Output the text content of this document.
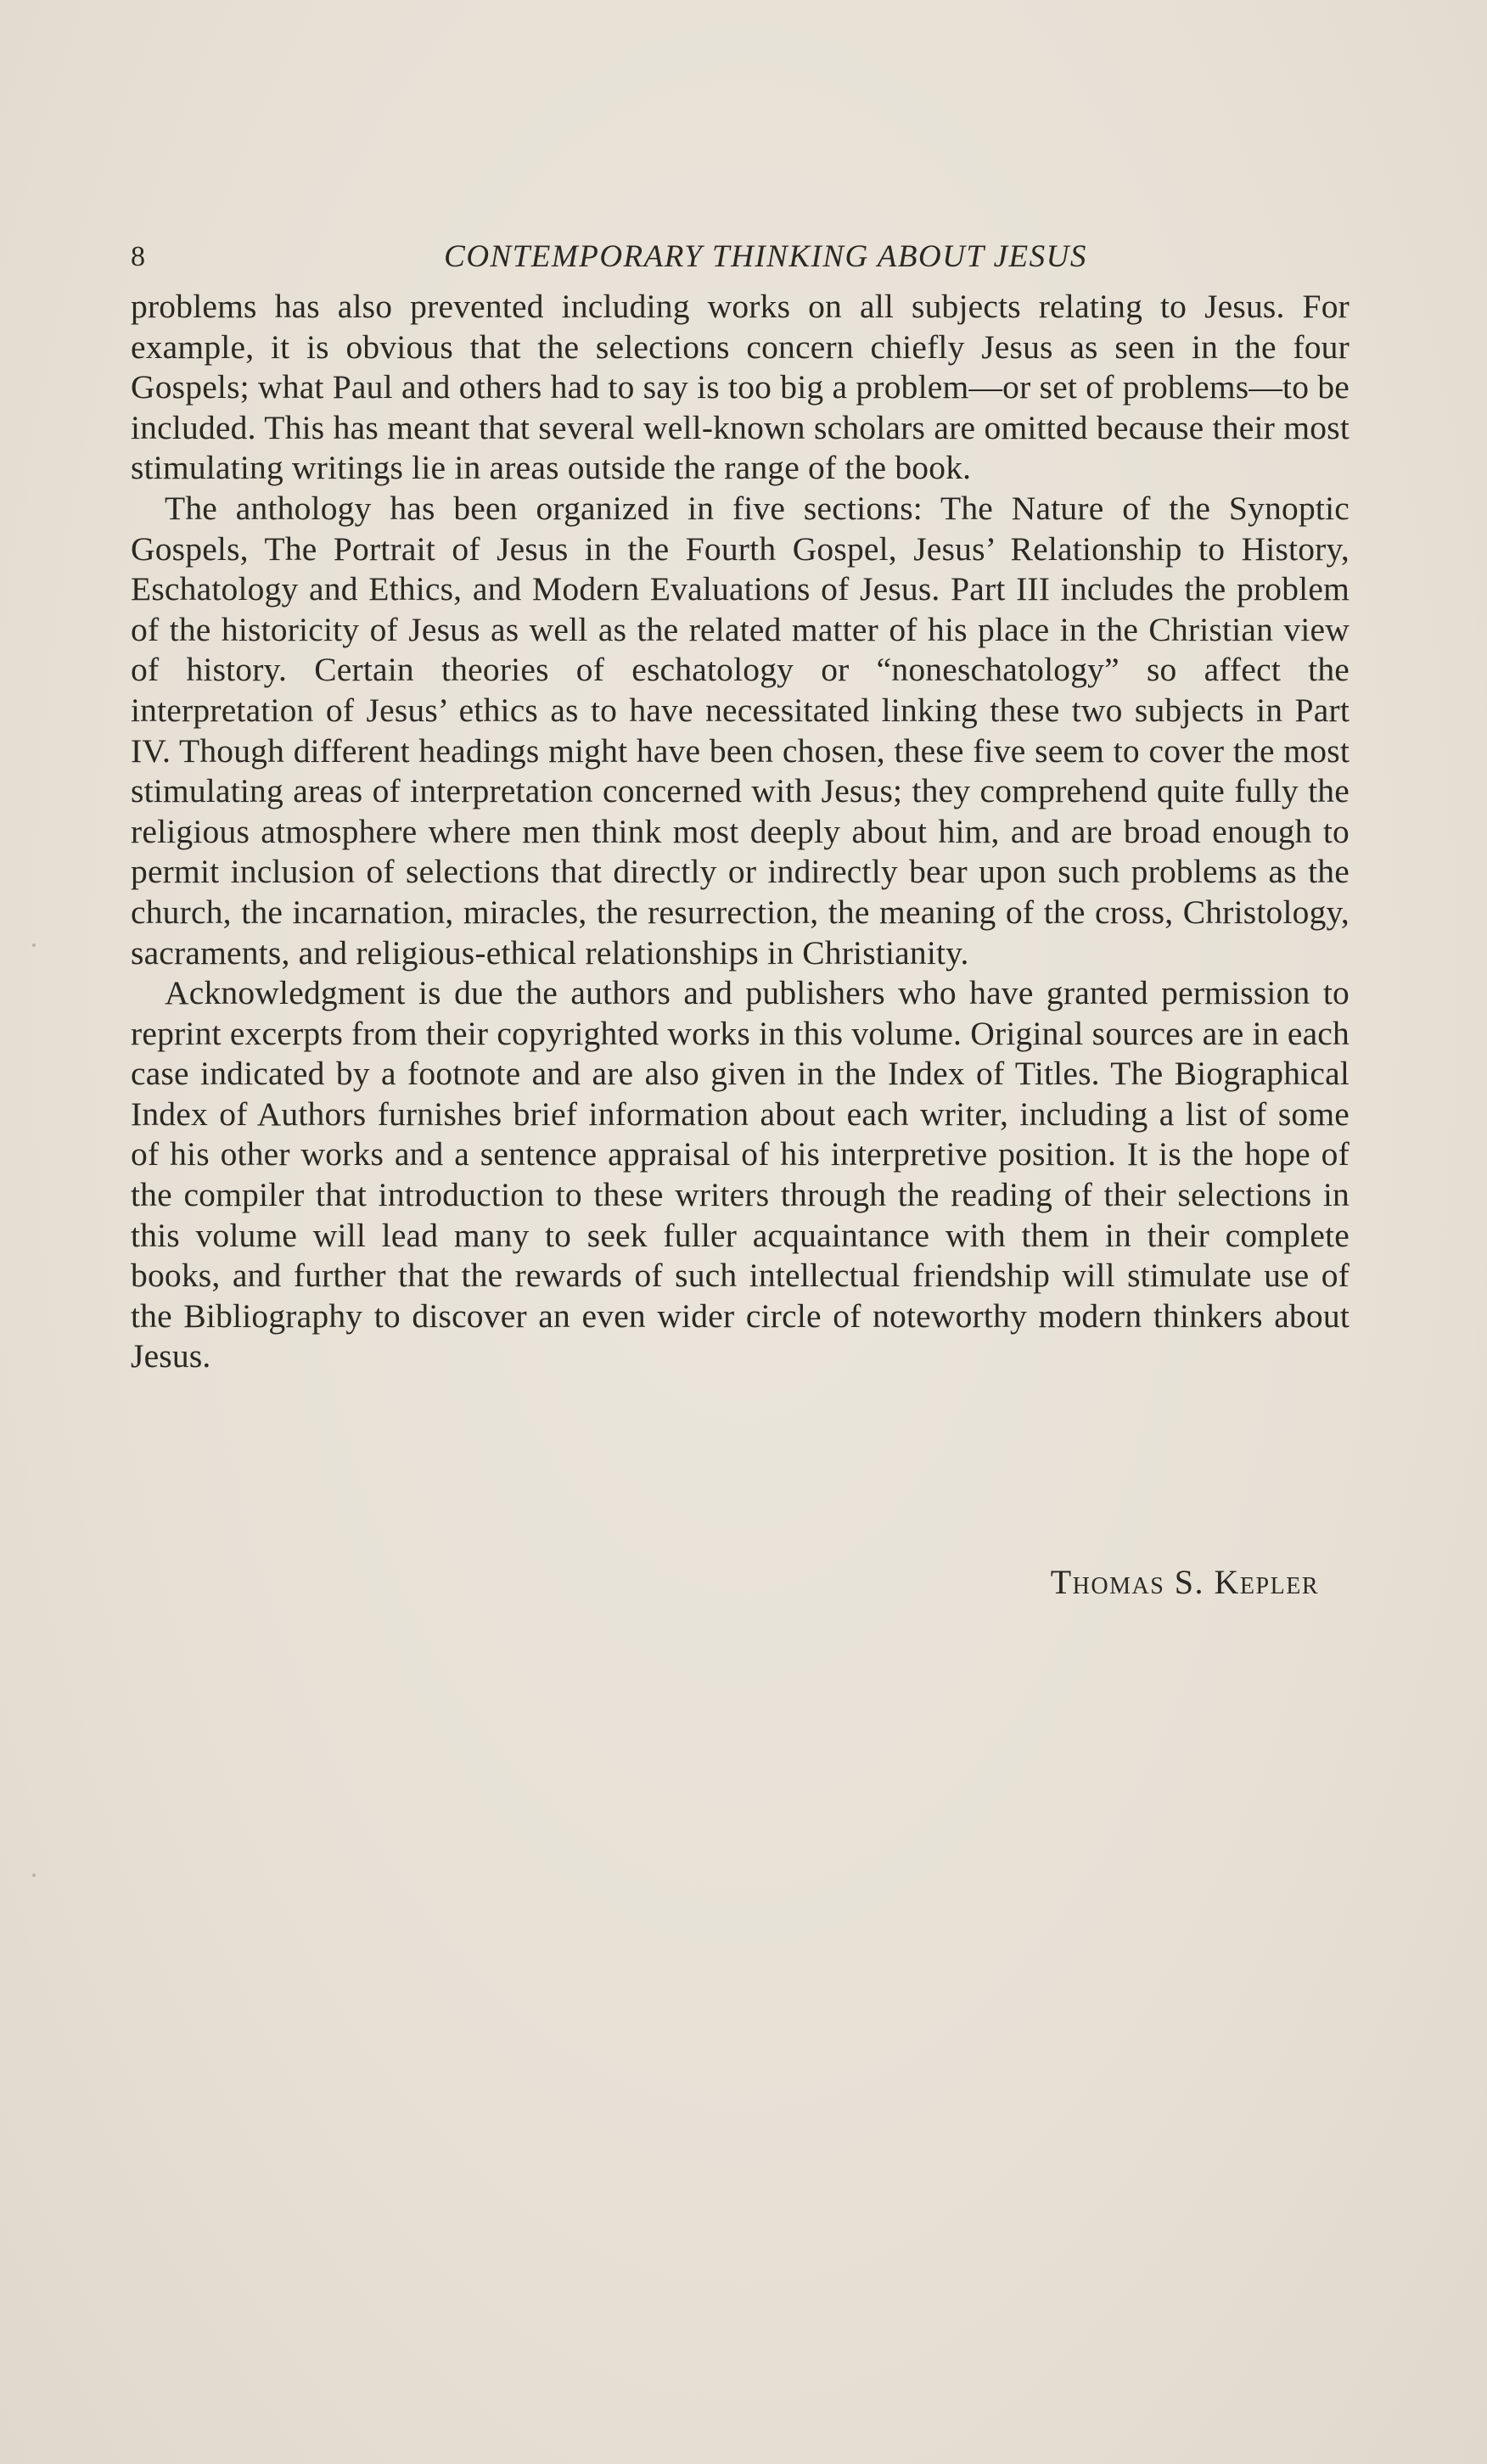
8	CONTEMPORARY THINKING ABOUT JESUS

problems has also prevented including works on all subjects relating to Jesus. For example, it is obvious that the selections concern chiefly Jesus as seen in the four Gospels; what Paul and others had to say is too big a problem—or set of problems—to be included. This has meant that several well-known scholars are omitted because their most stimulating writings lie in areas outside the range of the book.

The anthology has been organized in five sections: The Nature of the Synoptic Gospels, The Portrait of Jesus in the Fourth Gospel, Jesus’ Relationship to History, Eschatology and Ethics, and Modern Evaluations of Jesus. Part III includes the problem of the historicity of Jesus as well as the related matter of his place in the Christian view of history. Certain theories of eschatology or “noneschatology” so affect the interpretation of Jesus’ ethics as to have necessitated linking these two subjects in Part IV. Though different headings might have been chosen, these five seem to cover the most stimulating areas of interpretation concerned with Jesus; they comprehend quite fully the religious atmosphere where men think most deeply about him, and are broad enough to permit inclusion of selections that directly or indirectly bear upon such problems as the church, the incarnation, miracles, the resurrection, the meaning of the cross, Christology, sacraments, and religious-ethical relationships in Christianity.

Acknowledgment is due the authors and publishers who have granted permission to reprint excerpts from their copyrighted works in this volume. Original sources are in each case indicated by a footnote and are also given in the Index of Titles. The Biographical Index of Authors furnishes brief information about each writer, including a list of some of his other works and a sentence appraisal of his interpretive position. It is the hope of the compiler that introduction to these writers through the reading of their selections in this volume will lead many to seek fuller acquaintance with them in their complete books, and further that the rewards of such intellectual friendship will stimulate use of the Bibliography to discover an even wider circle of noteworthy modern thinkers about Jesus.

Thomas S. Kepler
